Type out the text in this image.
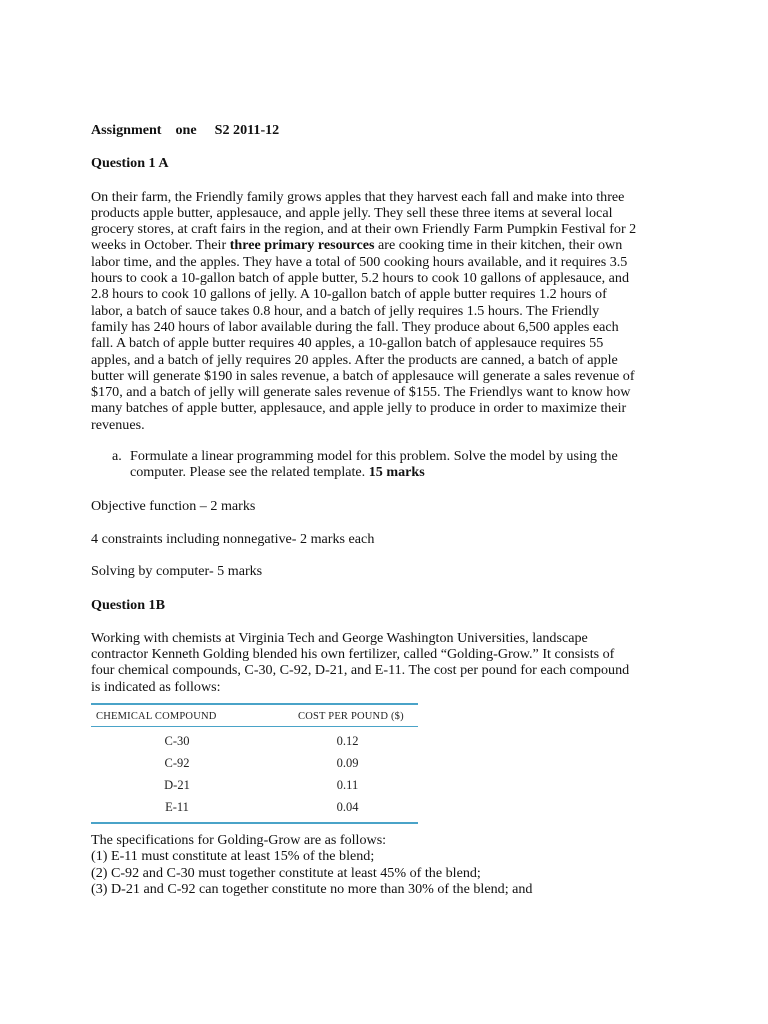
Assignment one S2 2011-12
Question 1 A
On their farm, the Friendly family grows apples that they harvest each fall and make into three
products apple butter, applesauce, and apple jelly. They sell these three items at several local
grocery stores, at craft fairs in the region, and at their own Friendly Farm Pumpkin Festival for 2
weeks in October. Their three primary resources are cooking time in their kitchen, their own
labor time, and the apples. They have a total of 500 cooking hours available, and it requires 3.5
hours to cook a 10-gallon batch of apple butter, 5.2 hours to cook 10 gallons of applesauce, and
2.8 hours to cook 10 gallons of jelly. A 10-gallon batch of apple butter requires 1.2 hours of
labor, a batch of sauce takes 0.8 hour, and a batch of jelly requires 1.5 hours. The Friendly
family has 240 hours of labor available during the fall. They produce about 6,500 apples each
fall. A batch of apple butter requires 40 apples, a 10-gallon batch of applesauce requires 55
apples, and a batch of jelly requires 20 apples. After the products are canned, a batch of apple
butter will generate $190 in sales revenue, a batch of applesauce will generate a sales revenue of
$170, and a batch of jelly will generate sales revenue of $155. The Friendlys want to know how
many batches of apple butter, applesauce, and apple jelly to produce in order to maximize their
revenues.
a. Formulate a linear programming model for this problem. Solve the model by using the
computer. Please see the related template. 15 marks
Objective function – 2 marks
4 constraints including nonnegative- 2 marks each
Solving by computer- 5 marks
Question 1B
Working with chemists at Virginia Tech and George Washington Universities, landscape
contractor Kenneth Golding blended his own fertilizer, called “Golding-Grow.” It consists of
four chemical compounds, C-30, C-92, D-21, and E-11. The cost per pound for each compound
is indicated as follows:
CHEMICAL COMPOUND	COST PER POUND ($)
C-30	0.12
C-92	0.09
D-21	0.11
E-11	0.04
The specifications for Golding-Grow are as follows:
(1) E-11 must constitute at least 15% of the blend;
(2) C-92 and C-30 must together constitute at least 45% of the blend;
(3) D-21 and C-92 can together constitute no more than 30% of the blend; and
